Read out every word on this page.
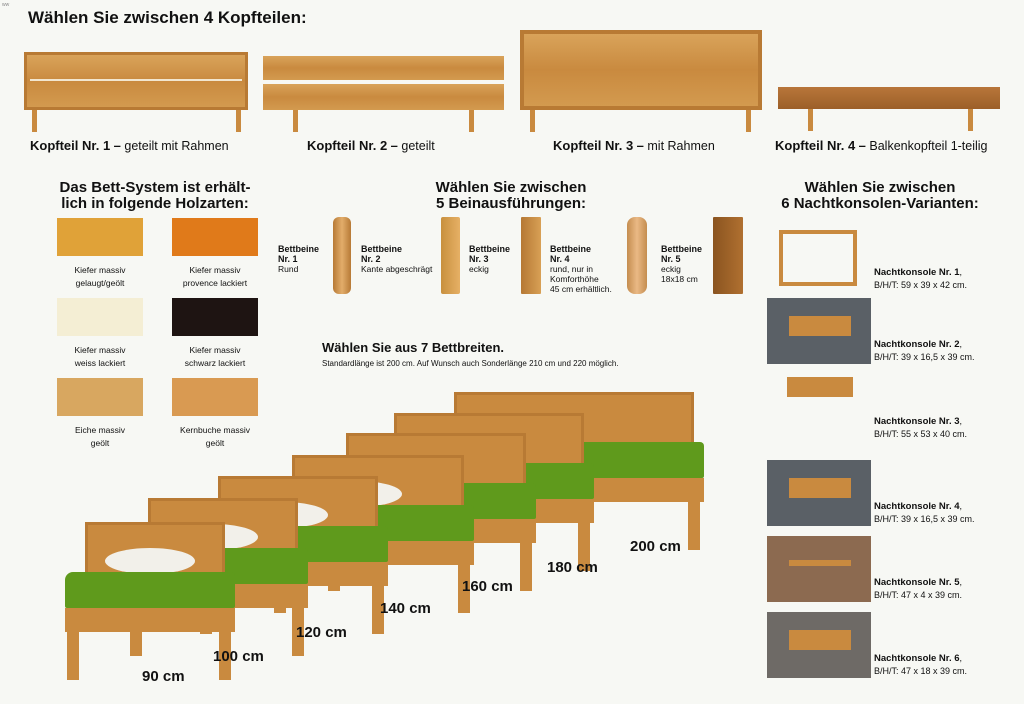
ww
Wählen Sie zwischen 4 Kopfteilen:
Kopfteil Nr. 1 – geteilt mit Rahmen	Kopfteil Nr. 2 – geteilt	Kopfteil Nr. 3 – mit Rahmen	Kopfteil Nr. 4 – Balkenkopfteil 1-teilig
Das Bett-System ist erhält-
lich in folgende Holzarten:
Kiefer massiv
gelaugt/geölt
Kiefer massiv
provence lackiert
Kiefer massiv
weiss lackiert
Kiefer massiv
schwarz lackiert
Eiche massiv
geölt
Kernbuche massiv
geölt
Wählen Sie zwischen
5 Beinausführungen:
Bettbeine
Nr. 1
Rund
Bettbeine
Nr. 2
Kante abgeschrägt
Bettbeine
Nr. 3
eckig
Bettbeine
Nr. 4
rund, nur in
Komforthöhe
45 cm erhältlich.
Bettbeine
Nr. 5
eckig
18x18 cm
Wählen Sie zwischen
6 Nachtkonsolen-Varianten:
Nachtkonsole Nr. 1,
B/H/T: 59 x 39 x 42 cm.
Nachtkonsole Nr. 2,
B/H/T: 39 x 16,5 x 39 cm.
Nachtkonsole Nr. 3,
B/H/T: 55 x 53 x 40 cm.
Nachtkonsole Nr. 4,
B/H/T: 39 x 16,5 x 39 cm.
Nachtkonsole Nr. 5,
B/H/T: 47 x 4 x 39 cm.
Nachtkonsole Nr. 6,
B/H/T: 47 x 18 x 39 cm.
Wählen Sie aus 7 Bettbreiten.
Standardlänge ist 200 cm. Auf Wunsch auch Sonderlänge 210 cm und 220 möglich.
90 cm
100 cm
120 cm
140 cm
160 cm
180 cm
200 cm
